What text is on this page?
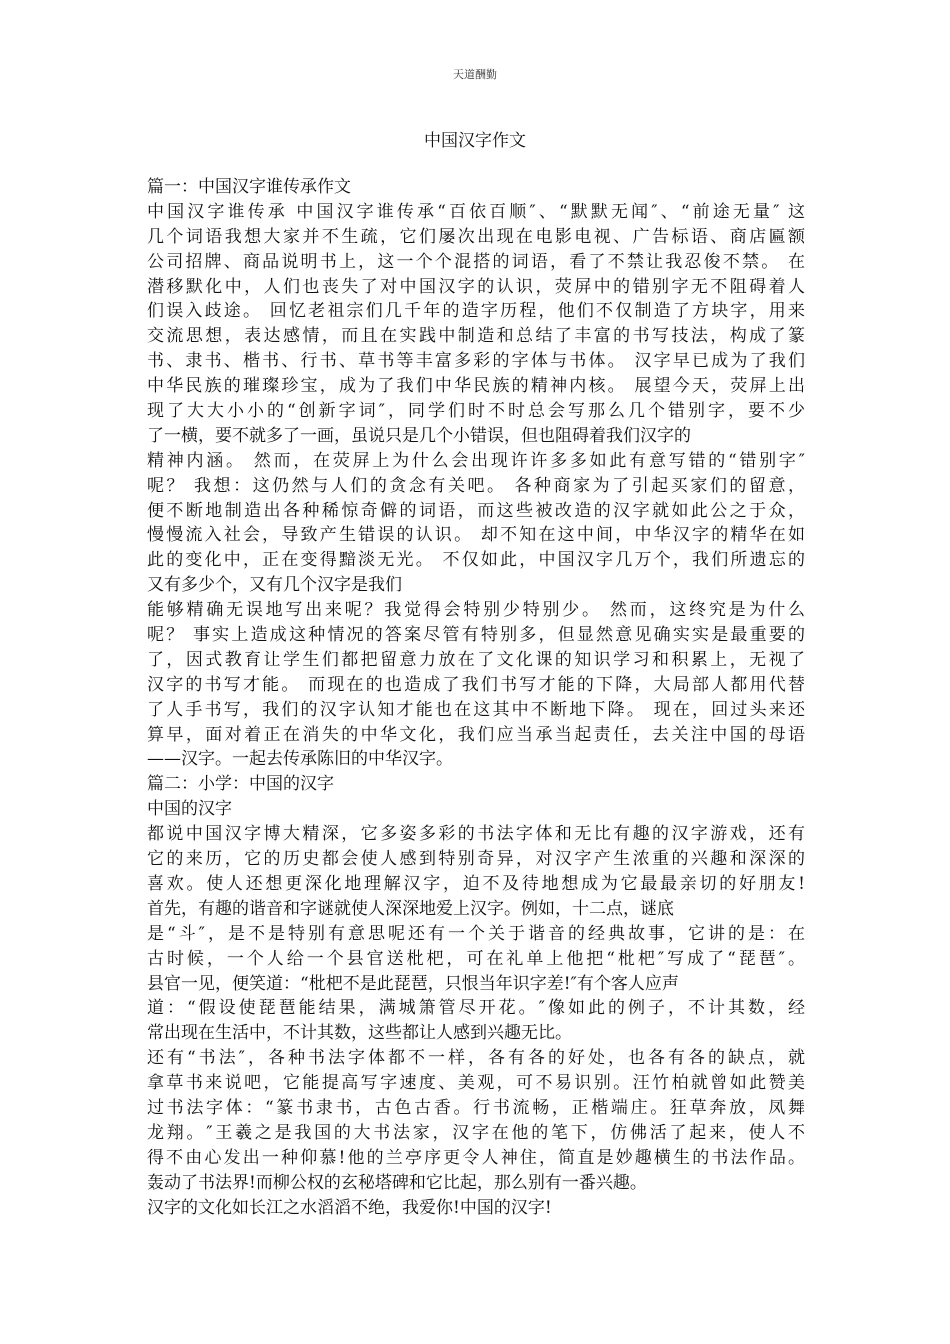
天道酬勤
中国汉字作文
篇一：中国汉字谁传承作文
中国汉字谁传承 中国汉字谁传承“百依百顺″、“默默无闻″、“前途无量″ 这
几个词语我想大家并不生疏，它们屡次出现在电影电视、广告标语、商店匾额
公司招牌、商品说明书上，这一个个混搭的词语，看了不禁让我忍俊不禁。 在
潜移默化中，人们也丧失了对中国汉字的认识，荧屏中的错别字无不阻碍着人
们误入歧途。 回忆老祖宗们几千年的造字历程，他们不仅制造了方块字，用来
交流思想，表达感情，而且在实践中制造和总结了丰富的书写技法，构成了篆
书、隶书、楷书、行书、草书等丰富多彩的字体与书体。 汉字早已成为了我们
中华民族的璀璨珍宝，成为了我们中华民族的精神内核。 展望今天，荧屏上出
现了大大小小的“创新字词″，同学们时不时总会写那么几个错别字，要不少
了一横，要不就多了一画，虽说只是几个小错误，但也阻碍着我们汉字的
精神内涵。 然而，在荧屏上为什么会出现许许多多如此有意写错的“错别字″
呢？ 我想：这仍然与人们的贪念有关吧。 各种商家为了引起买家们的留意，
便不断地制造出各种稀惊奇僻的词语，而这些被改造的汉字就如此公之于众，
慢慢流入社会，导致产生错误的认识。 却不知在这中间，中华汉字的精华在如
此的变化中，正在变得黯淡无光。 不仅如此，中国汉字几万个，我们所遗忘的
又有多少个，又有几个汉字是我们
能够精确无误地写出来呢？我觉得会特别少特别少。 然而，这终究是为什么
呢？ 事实上造成这种情况的答案尽管有特别多，但显然意见确实实是最重要的
了，因式教育让学生们都把留意力放在了文化课的知识学习和积累上，无视了
汉字的书写才能。 而现在的也造成了我们书写才能的下降，大局部人都用代替
了人手书写，我们的汉字认知才能也在这其中不断地下降。 现在，回过头来还
算早，面对着正在消失的中华文化，我们应当承当起责任，去关注中国的母语
——汉字。一起去传承陈旧的中华汉字。
篇二：小学：中国的汉字
中国的汉字
都说中国汉字博大精深，它多姿多彩的书法字体和无比有趣的汉字游戏，还有
它的来历，它的历史都会使人感到特别奇异，对汉字产生浓重的兴趣和深深的
喜欢。使人还想更深化地理解汉字，迫不及待地想成为它最最亲切的好朋友!
首先，有趣的谐音和字谜就使人深深地爱上汉字。例如，十二点，谜底
是“斗″，是不是特别有意思呢还有一个关于谐音的经典故事，它讲的是：在
古时候，一个人给一个县官送枇杷，可在礼单上他把“枇杷″写成了“琵琶″。
县官一见，便笑道：“枇杷不是此琵琶，只恨当年识字差!″有个客人应声
道：“假设使琵琶能结果，满城箫管尽开花。″像如此的例子，不计其数，经
常出现在生活中，不计其数，这些都让人感到兴趣无比。
还有“书法″，各种书法字体都不一样，各有各的好处，也各有各的缺点，就
拿草书来说吧，它能提高写字速度、美观，可不易识别。汪竹柏就曾如此赞美
过书法字体：“篆书隶书，古色古香。行书流畅，正楷端庄。狂草奔放，凤舞
龙翔。″王羲之是我国的大书法家，汉字在他的笔下，仿佛活了起来，使人不
得不由心发出一种仰慕!他的兰亭序更令人神住，简直是妙趣横生的书法作品。
轰动了书法界!而柳公权的玄秘塔碑和它比起，那么别有一番兴趣。
汉字的文化如长江之水滔滔不绝，我爱你!中国的汉字!
